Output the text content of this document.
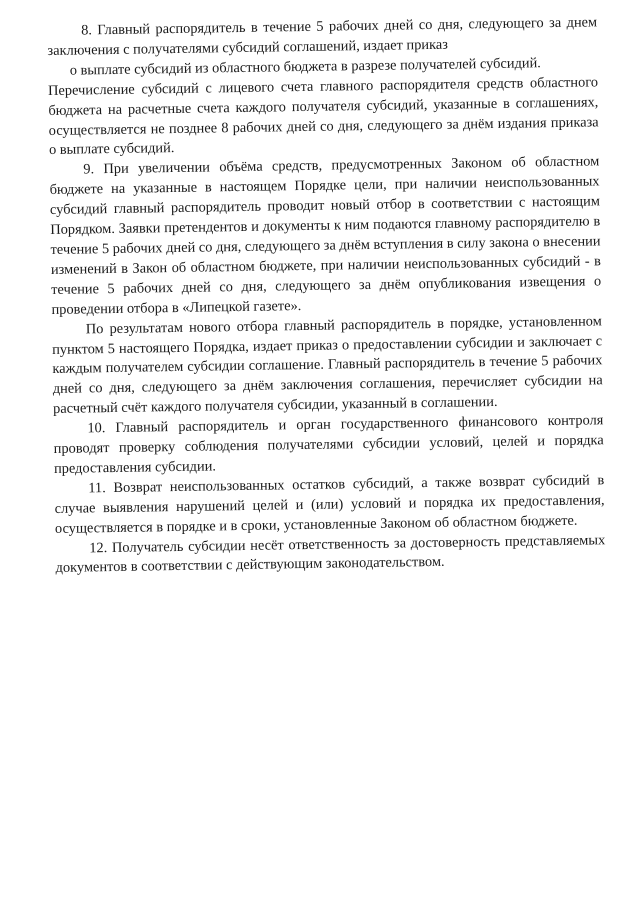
8. Главный распорядитель в течение 5 рабочих дней со дня, следующего за днем заключения с получателями субсидий соглашений, издает приказ

о выплате субсидий из областного бюджета в разрезе получателей субсидий.

Перечисление субсидий с лицевого счета главного распорядителя средств областного бюджета на расчетные счета каждого получателя субсидий, указанные в соглашениях, осуществляется не позднее 8 рабочих дней со дня, следующего за днём издания приказа о выплате субсидий.

9. При увеличении объёма средств, предусмотренных Законом об областном бюджете на указанные в настоящем Порядке цели, при наличии неиспользованных субсидий главный распорядитель проводит новый отбор в соответствии с настоящим Порядком. Заявки претендентов и документы к ним подаются главному распорядителю в течение 5 рабочих дней со дня, следующего за днём вступления в силу закона о внесении изменений в Закон об областном бюджете, при наличии неиспользованных субсидий - в течение 5 рабочих дней со дня, следующего за днём опубликования извещения о проведении отбора в «Липецкой газете».

По результатам нового отбора главный распорядитель в порядке, установленном пунктом 5 настоящего Порядка, издает приказ о предоставлении субсидии и заключает с каждым получателем субсидии соглашение. Главный распорядитель в течение 5 рабочих дней со дня, следующего за днём заключения соглашения, перечисляет субсидии на расчетный счёт каждого получателя субсидии, указанный в соглашении.

10. Главный распорядитель и орган государственного финансового контроля проводят проверку соблюдения получателями субсидии условий, целей и порядка предоставления субсидии.

11. Возврат неиспользованных остатков субсидий, а также возврат субсидий в случае выявления нарушений целей и (или) условий и порядка их предоставления, осуществляется в порядке и в сроки, установленные Законом об областном бюджете.

12. Получатель субсидии несёт ответственность за достоверность представляемых документов в соответствии с действующим законодательством.
